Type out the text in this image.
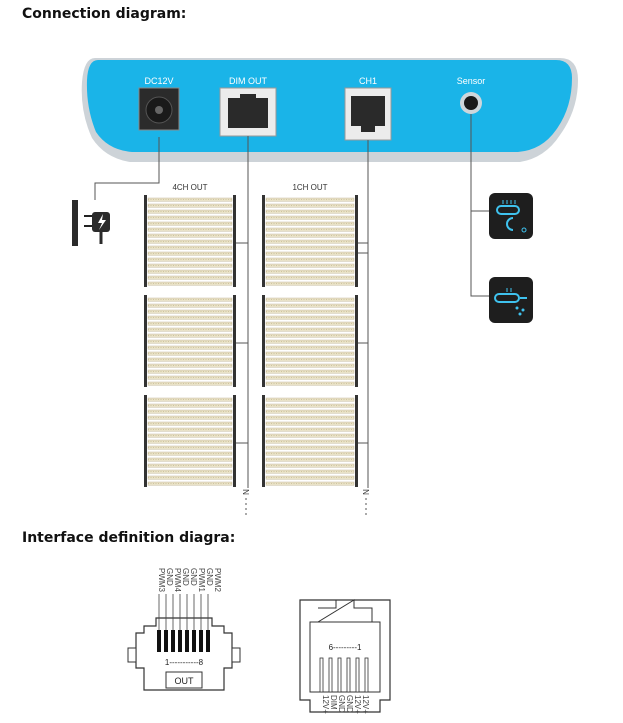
Connection diagram:
Interface definition diagra:
DC12V	DIM OUT	CH1	Sensor
N	N
4CH OUT	1CH OUT
PWM2
GND
PWM1
GND
GND
PWM4
GND
PWM3
1-----------8
OUT
6---------1
12V+
12V+
GND
GND
DIM
12V+
